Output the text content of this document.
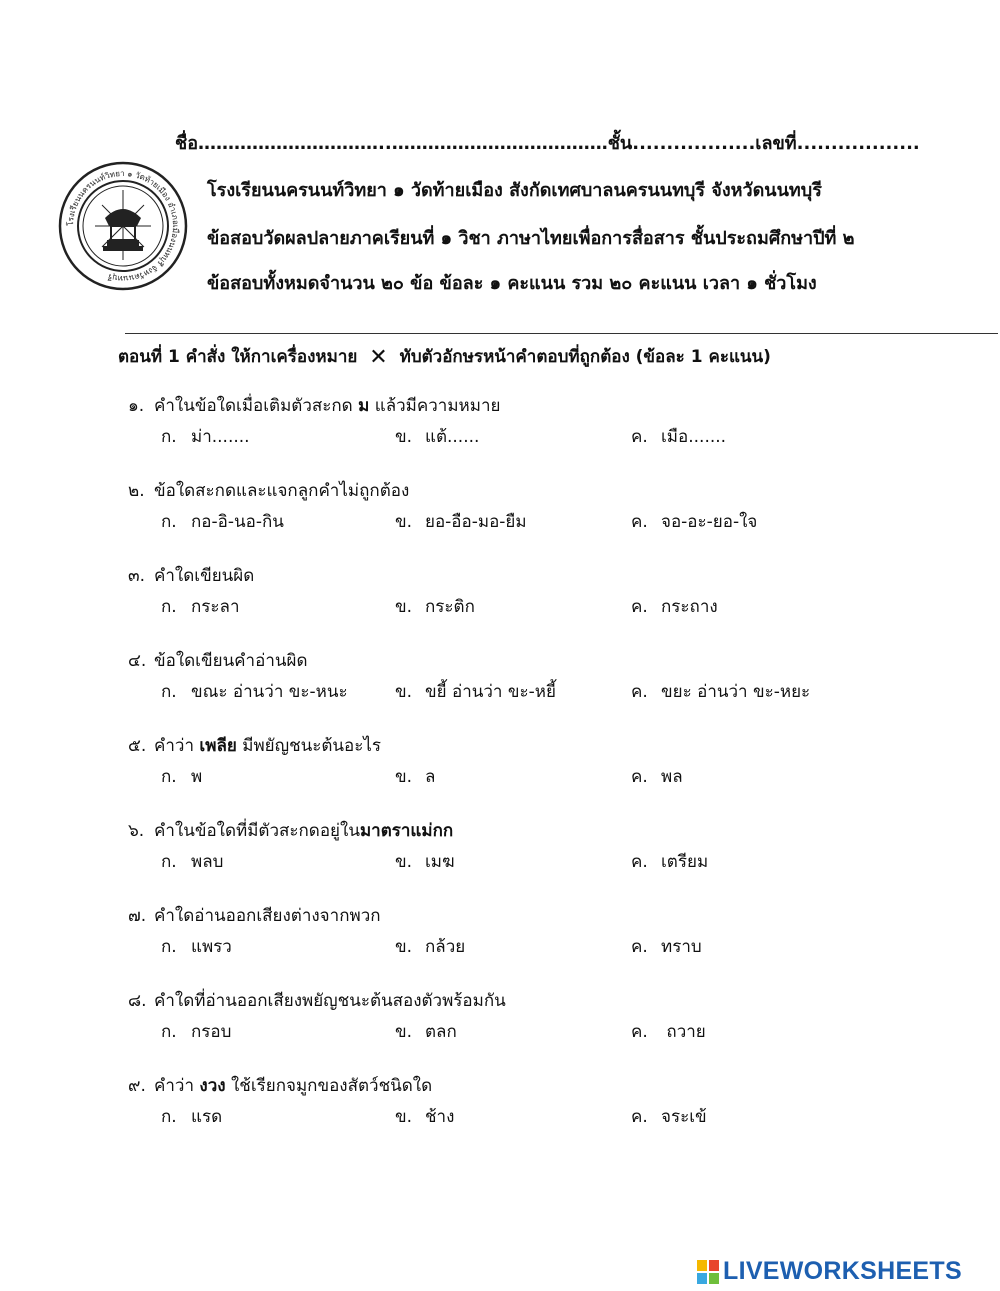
ชื่อ…………………………..………………………………ชั้น..................เลขที่..................
โรงเรียนนครนนท์วิทยา ๑ วัดท้ายเมือง อำเภอเมืองนนทบุรี จังหวัดนนทบุรี
โรงเรียนนครนนท์วิทยา ๑ วัดท้ายเมือง สังกัดเทศบาลนครนนทบุรี จังหวัดนนทบุรี
ข้อสอบวัดผลปลายภาคเรียนที่ ๑ วิชา ภาษาไทยเพื่อการสื่อสาร ชั้นประถมศึกษาปีที่ ๒
ข้อสอบทั้งหมดจำนวน ๒๐ ข้อ ข้อละ ๑ คะแนน รวม ๒๐ คะแนน เวลา ๑ ชั่วโมง
ตอนที่ 1 คำสั่ง ให้กาเครื่องหมาย ✕ ทับตัวอักษรหน้าคำตอบที่ถูกต้อง (ข้อละ 1 คะแนน)
๑. คำในข้อใดเมื่อเติมตัวสะกด ม แล้วมีความหมาย
ก. ม่า.......	ข. แต้......	ค. เมือ.......
๒. ข้อใดสะกดและแจกลูกคำไม่ถูกต้อง
ก. กอ-อิ-นอ-กิน	ข. ยอ-อือ-มอ-ยืม	ค. จอ-อะ-ยอ-ใจ
๓. คำใดเขียนผิด
ก. กระลา	ข. กระติก	ค. กระถาง
๔. ข้อใดเขียนคำอ่านผิด
ก. ขณะ อ่านว่า ขะ-หนะ	ข. ขยี้ อ่านว่า ขะ-หยี้	ค. ขยะ อ่านว่า ขะ-หยะ
๕. คำว่า เพลีย มีพยัญชนะต้นอะไร
ก. พ	ข. ล	ค. พล
๖. คำในข้อใดที่มีตัวสะกดอยู่ในมาตราแม่กก
ก. พลบ	ข. เมฆ	ค. เตรียม
๗. คำใดอ่านออกเสียงต่างจากพวก
ก. แพรว	ข. กล้วย	ค. ทราบ
๘. คำใดที่อ่านออกเสียงพยัญชนะต้นสองตัวพร้อมกัน
ก. กรอบ	ข. ตลก	ค. ถวาย
๙. คำว่า งวง ใช้เรียกจมูกของสัตว์ชนิดใด
ก. แรด	ข. ช้าง	ค. จระเข้
LIVEWORKSHEETS
